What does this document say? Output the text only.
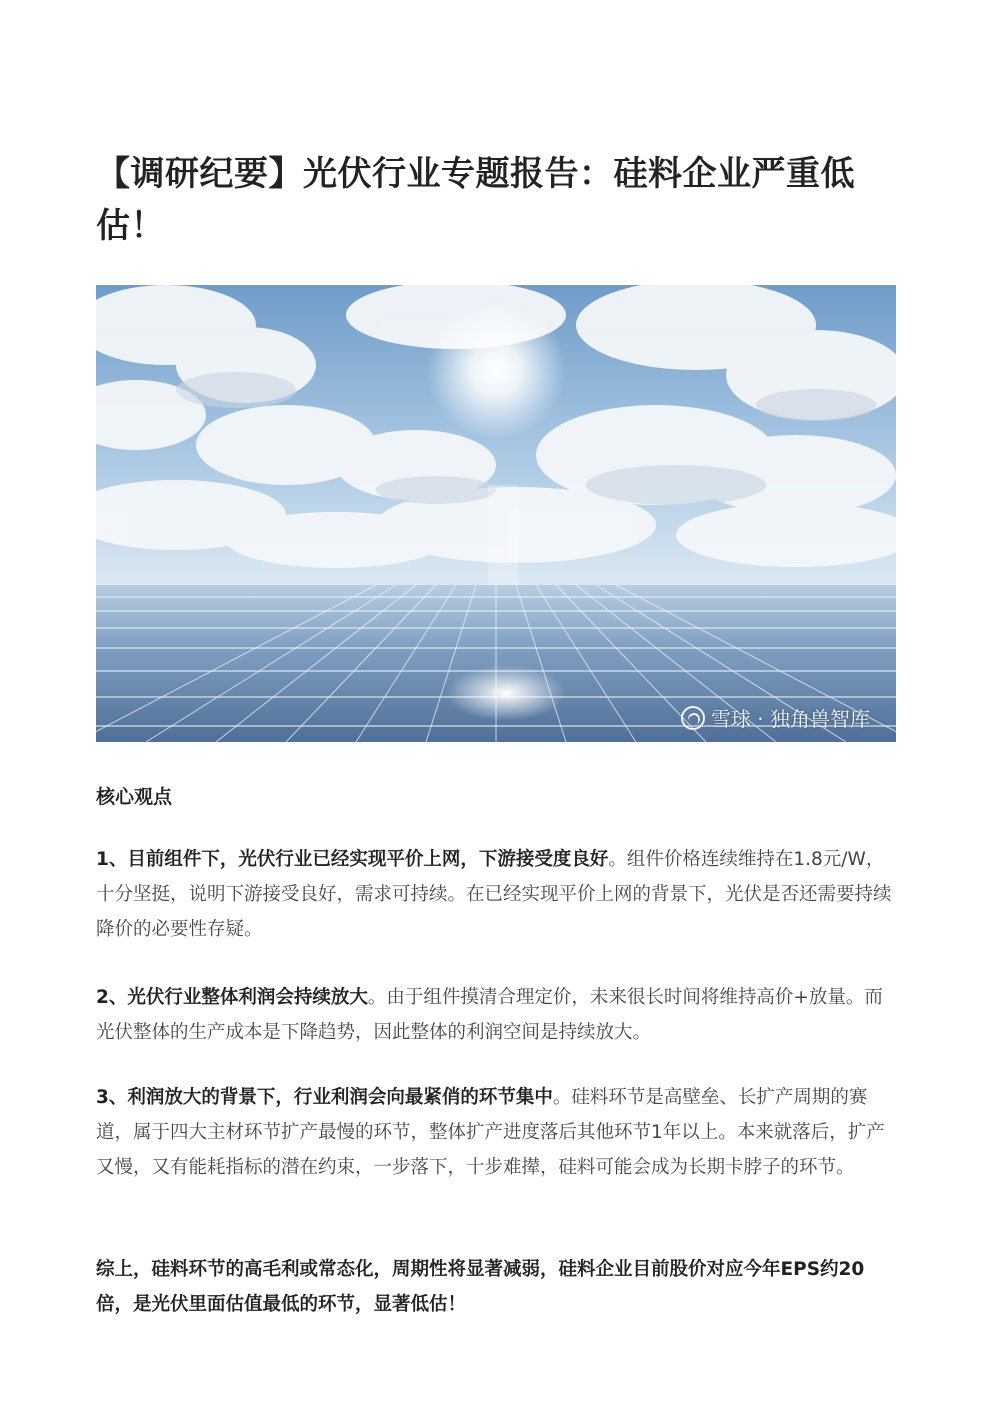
【调研纪要】光伏行业专题报告：硅料企业严重低估！
雪球 · 独角兽智库
核心观点

1、目前组件下，光伏行业已经实现平价上网，下游接受度良好。组件价格连续维持在1.8元/W，十分坚挺，说明下游接受良好，需求可持续。在已经实现平价上网的背景下，光伏是否还需要持续降价的必要性存疑。

2、光伏行业整体利润会持续放大。由于组件摸清合理定价，未来很长时间将维持高价+放量。而光伏整体的生产成本是下降趋势，因此整体的利润空间是持续放大。

3、利润放大的背景下，行业利润会向最紧俏的环节集中。硅料环节是高壁垒、长扩产周期的赛道，属于四大主材环节扩产最慢的环节，整体扩产进度落后其他环节1年以上。本来就落后，扩产又慢，又有能耗指标的潜在约束，一步落下，十步难撵，硅料可能会成为长期卡脖子的环节。

综上，硅料环节的高毛利或常态化，周期性将显著减弱，硅料企业目前股价对应今年EPS约20倍，是光伏里面估值最低的环节，显著低估！
